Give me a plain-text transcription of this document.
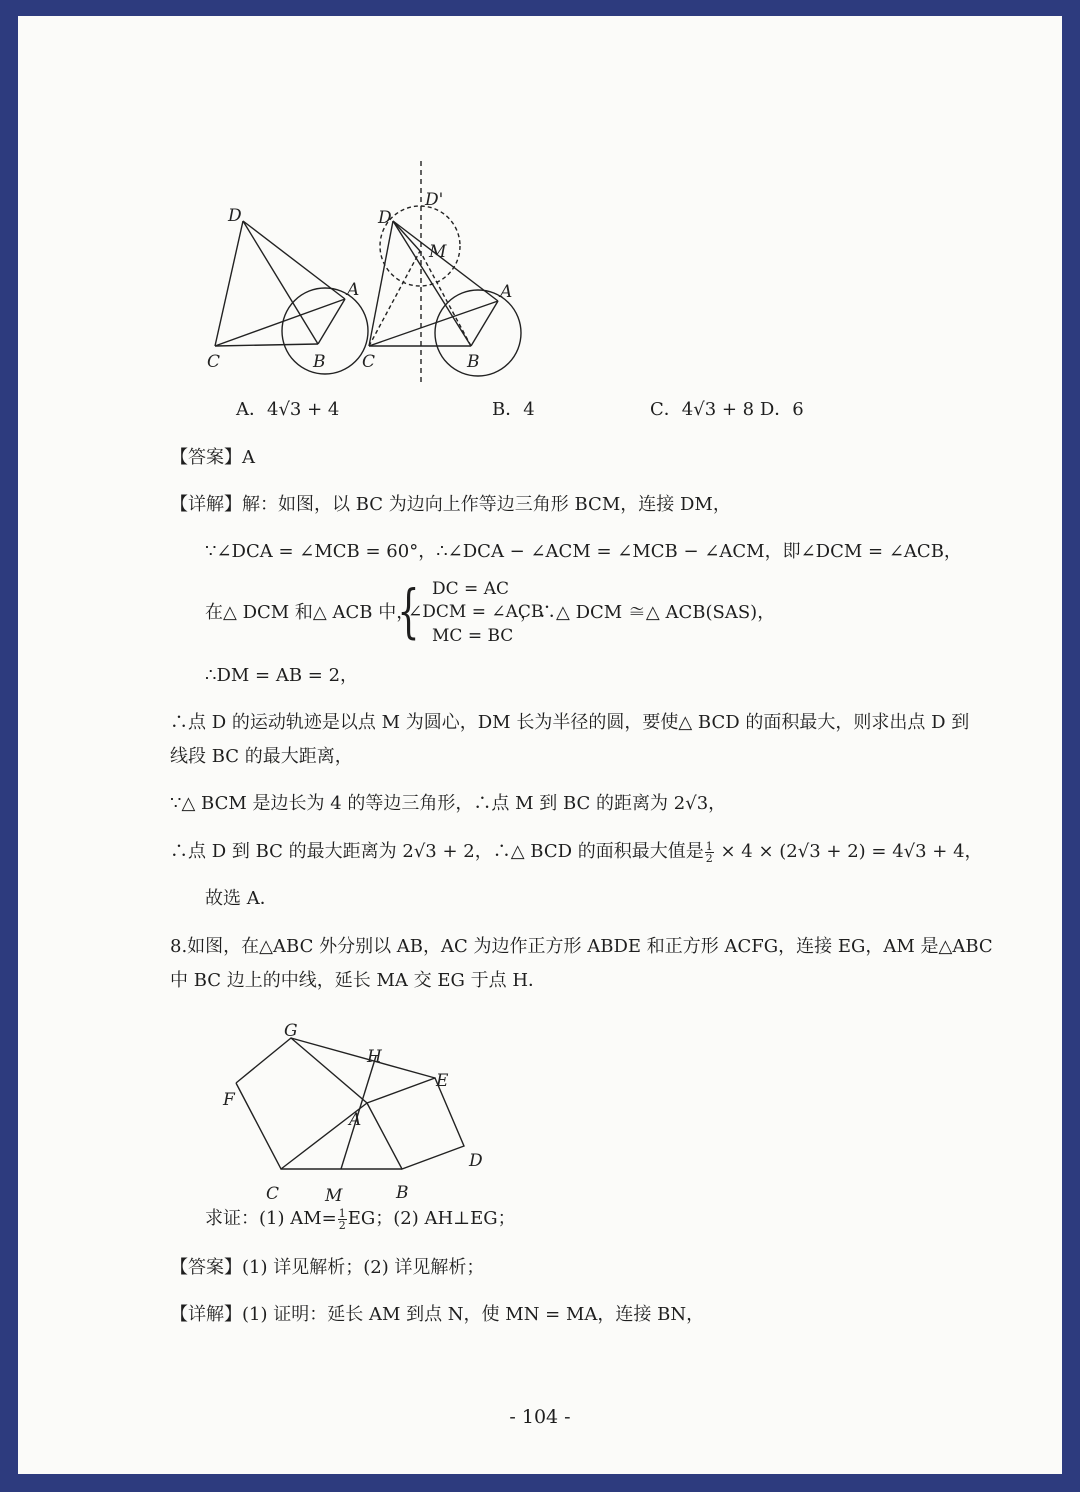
D
A
C	B
D'
D
M
A
C	B
A．4√3 + 4	B．4	C．4√3 + 8 D．6
【答案】A
【详解】解：如图，以 BC 为边向上作等边三角形 BCM，连接 DM，
∵∠DCA = ∠MCB = 60°，∴∠DCA − ∠ACM = ∠MCB − ∠ACM，即∠DCM = ∠ACB，
在△ DCM 和△ ACB 中，
{ DC = AC
∠DCM = ∠ACB
MC = BC
，∴△ DCM ≅△ ACB(SAS)，
∴DM = AB = 2，
∴点 D 的运动轨迹是以点 M 为圆心，DM 长为半径的圆，要使△ BCD 的面积最大，则求出点 D 到
线段 BC 的最大距离，
∵△ BCM 是边长为 4 的等边三角形，∴点 M 到 BC 的距离为 2√3，
∴点 D 到 BC 的最大距离为 2√3 + 2，∴△ BCD 的面积最大值是 $\frac{1}{2} \times 4 \times (2√3 + 2) = 4√3 + 4$，
故选 A．
8.如图，在△ABC 外分别以 AB，AC 为边作正方形 ABDE 和正方形 ACFG，连接 EG，AM 是△ABC
中 BC 边上的中线，延长 MA 交 EG 于点 H．
G
H
E
F
A
D
C	M	B
求证：(1) $AM= \frac{1}{2}$ EG；(2) AH⊥EG；
【答案】(1) 详见解析；(2) 详见解析；
【详解】(1) 证明：延长 AM 到点 N，使 MN = MA，连接 BN，
- 104 -
